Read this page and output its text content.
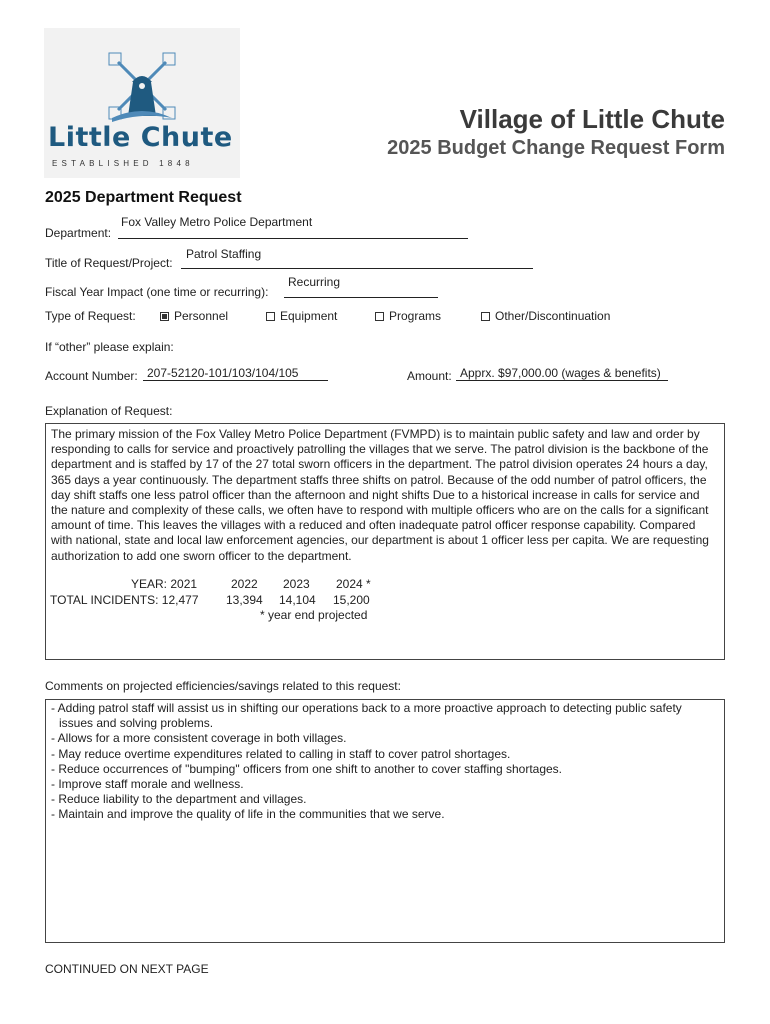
Little Chute
ESTABLISHED 1848
Village of Little Chute
2025 Budget Change Request Form
2025 Department Request
Department:
Fox Valley Metro Police Department
Title of Request/Project:
Patrol Staffing
Fiscal Year Impact (one time or recurring):
Recurring
Type of Request:	Personnel	Equipment	Programs	Other/Discontinuation
If “other” please explain:
Account Number: 207-52120-101/103/104/105	Amount: Apprx. $97,000.00 (wages & benefits)
Explanation of Request:
The primary mission of the Fox Valley Metro Police Department (FVMPD) is to maintain public safety and law and order by responding to calls for service and proactively patrolling the villages that we serve. The patrol division is the backbone of the department and is staffed by 17 of the 27 total sworn officers in the department. The patrol division operates 24 hours a day, 365 days a year continuously. The department staffs three shifts on patrol. Because of the odd number of patrol officers, the day shift staffs one less patrol officer than the afternoon and night shifts Due to a historical increase in calls for service and the nature and complexity of these calls, we often have to respond with multiple officers who are on the calls for a significant amount of time. This leaves the villages with a reduced and often inadequate patrol officer response capability. Compared with national, state and local law enforcement agencies, our department is about 1 officer less per capita. We are requesting authorization to add one sworn officer to the department.
YEAR: 2021	2022 2023 2024 *
TOTAL INCIDENTS: 12,477 13,394 14,104 15,200
* year end projected
Comments on projected efficiencies/savings related to this request:
- Adding patrol staff will assist us in shifting our operations back to a more proactive approach to detecting public safety issues and solving problems.
- Allows for a more consistent coverage in both villages.
- May reduce overtime expenditures related to calling in staff to cover patrol shortages.
- Reduce occurrences of "bumping" officers from one shift to another to cover staffing shortages.
- Improve staff morale and wellness.
- Reduce liability to the department and villages.
- Maintain and improve the quality of life in the communities that we serve.
CONTINUED ON NEXT PAGE
